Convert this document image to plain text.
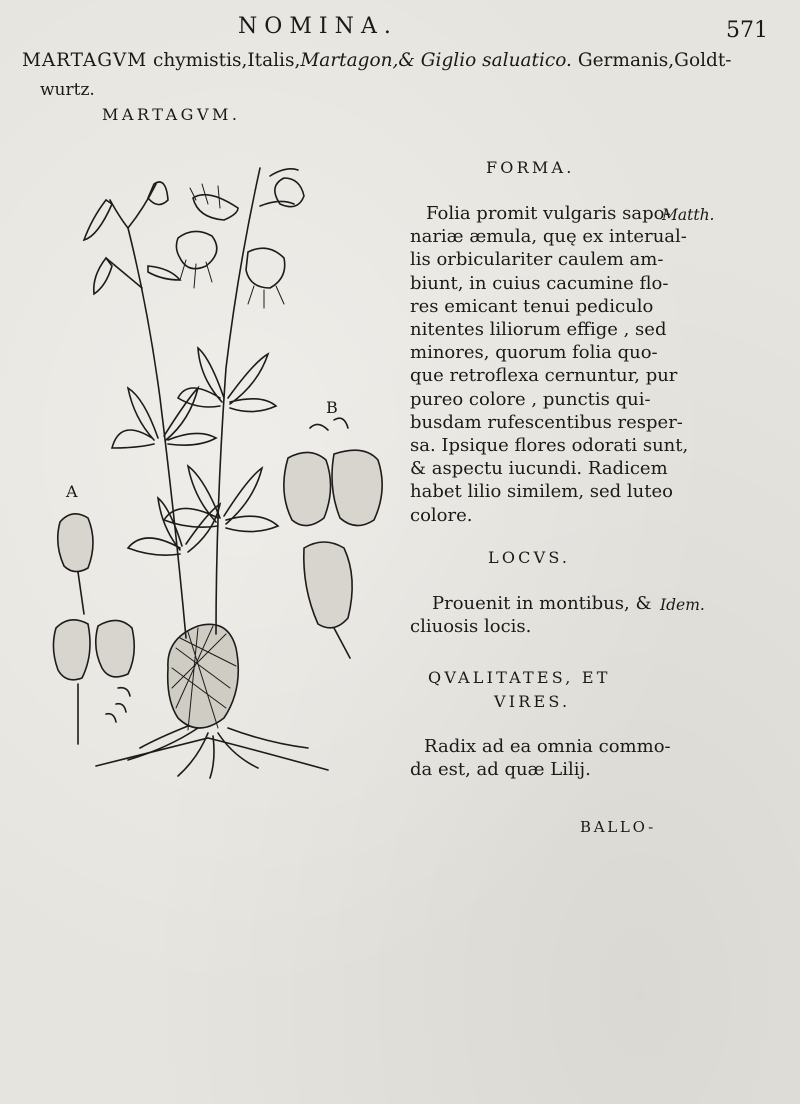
NOMINA.	571
MARTAGVM chymistis,Italis,Martagon,& Giglio saluatico. Germanis,Goldt-
wurtz.
MARTAGVM.
A
B
FORMA.
Matth.
Folia promit vulgaris sapo-
nariæ æmula, quę ex interual-
lis orbiculariter caulem am-
biunt, in cuius cacumine flo-
res emicant tenui pediculo
nitentes liliorum effige , sed
minores, quorum folia quo-
que retroflexa cernuntur, pur
pureo colore , punctis qui-
busdam rufescentibus resper-
sa. Ipsique flores odorati sunt,
& aspectu iucundi. Radicem
habet lilio similem, sed luteo
colore.
LOCVS.
Idem.
Prouenit in montibus, &
cliuosis locis.
QVALITATES, ET
VIRES.
Radix ad ea omnia commo-
da est, ad quæ Lilij.
BALLO-
